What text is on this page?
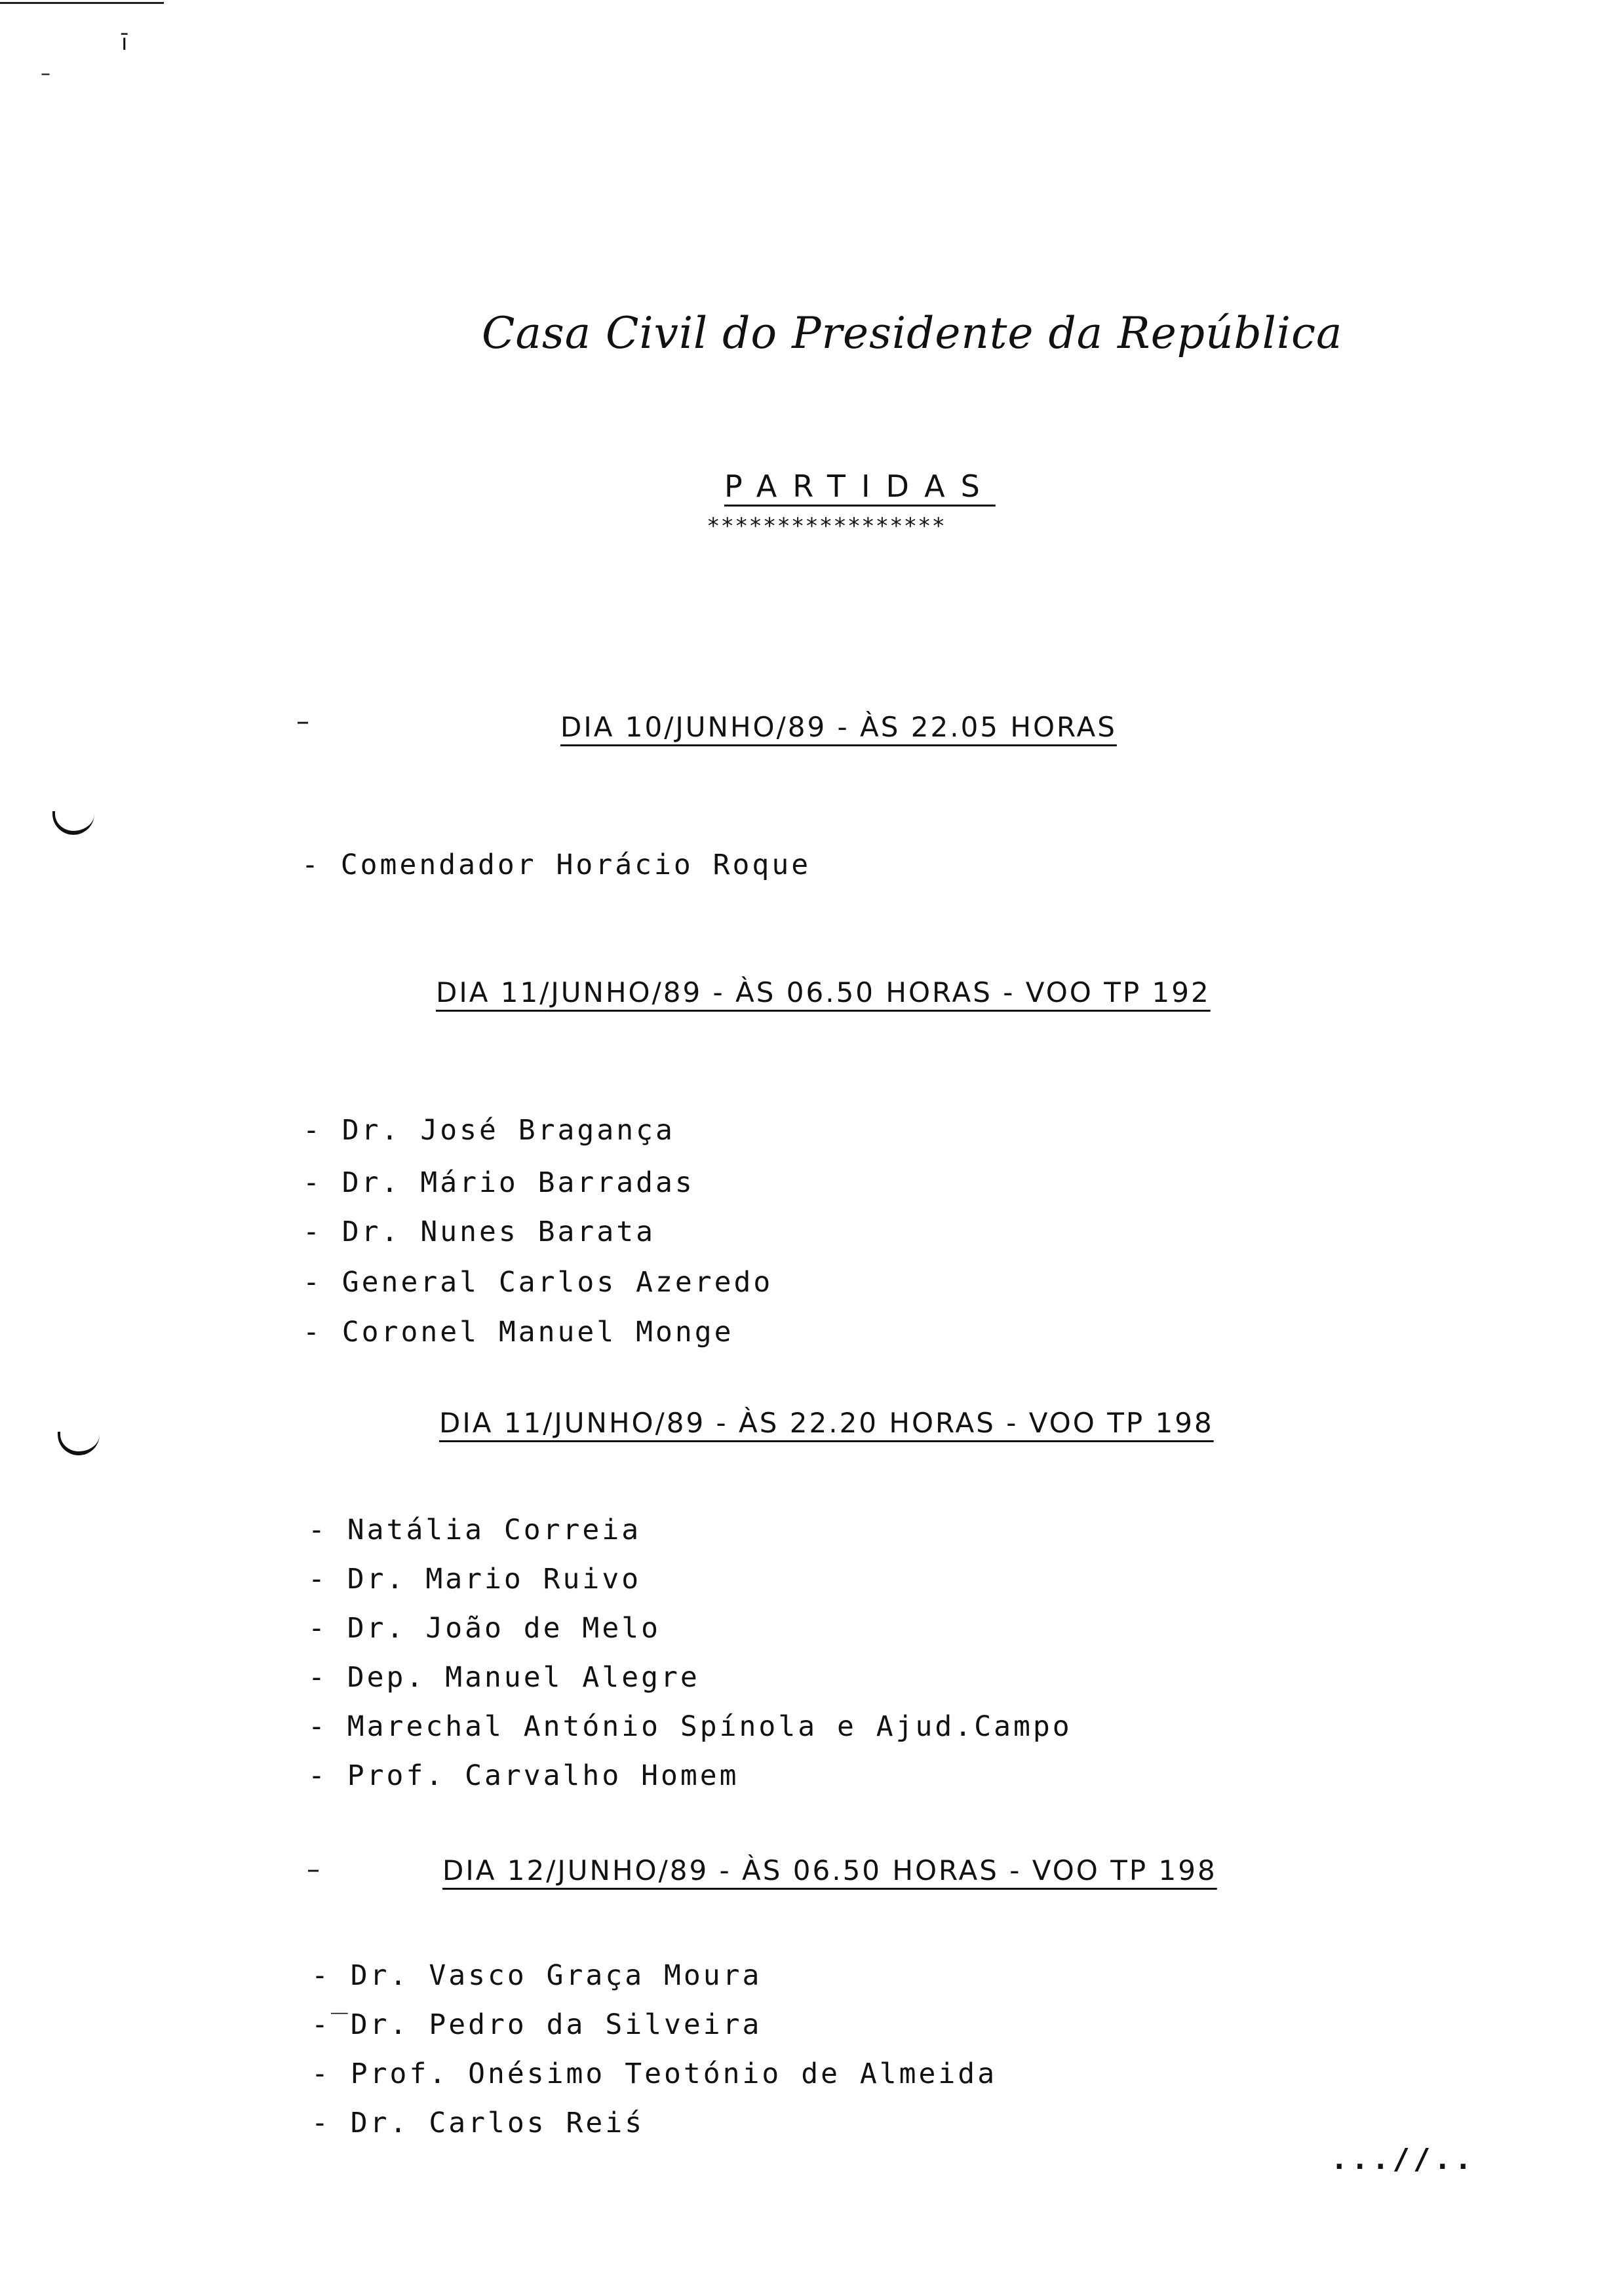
ī
–
Casa Civil do Presidente da República
PARTIDAS
*****************
–	DIA 10/JUNHO/89 - ÀS 22.05 HORAS
- Comendador Horácio Roque
DIA 11/JUNHO/89 - ÀS 06.50 HORAS - VOO TP 192
- Dr. José Bragança
- Dr. Mário Barradas
- Dr. Nunes Barata
- General Carlos Azeredo
- Coronel Manuel Monge
DIA 11/JUNHO/89 - ÀS 22.20 HORAS - VOO TP 198
- Natália Correia
- Dr. Mario Ruivo
- Dr. João de Melo
- Dep. Manuel Alegre
- Marechal António Spínola e Ajud.Campo
- Prof. Carvalho Homem
–	DIA 12/JUNHO/89 - ÀS 06.50 HORAS - VOO TP 198
- Dr. Vasco Graça Moura
-‾Dr. Pedro da Silveira
- Prof. Onésimo Teotónio de Almeida
- Dr. Carlos Reiś
...//..
